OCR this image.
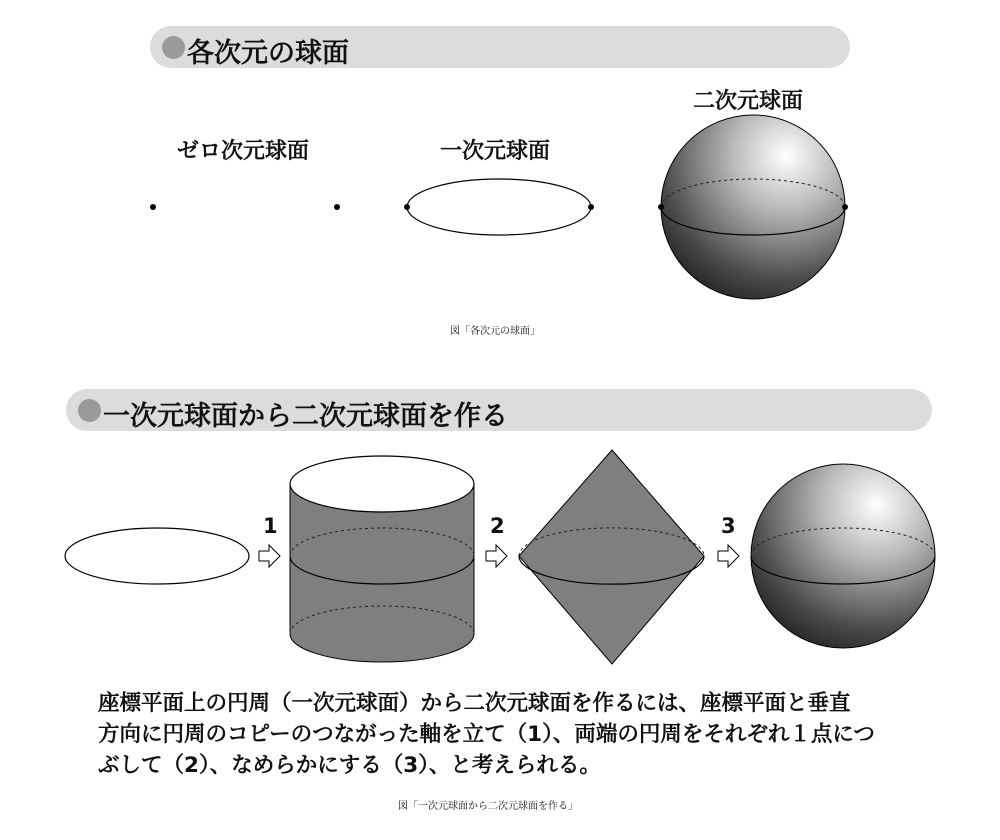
各次元の球面
ゼロ次元球面	一次元球面
二次元球面
図「各次元の球面」
一次元球面から二次元球面を作る
1	2	3
座標平面上の円周（一次元球面）から二次元球面を作るには、座標平面と垂直
方向に円周のコピーのつながった軸を立て（1）、両端の円周をそれぞれ１点につ
ぶして（2）、なめらかにする（3）、と考えられる。
図「一次元球面から二次元球面を作る」
